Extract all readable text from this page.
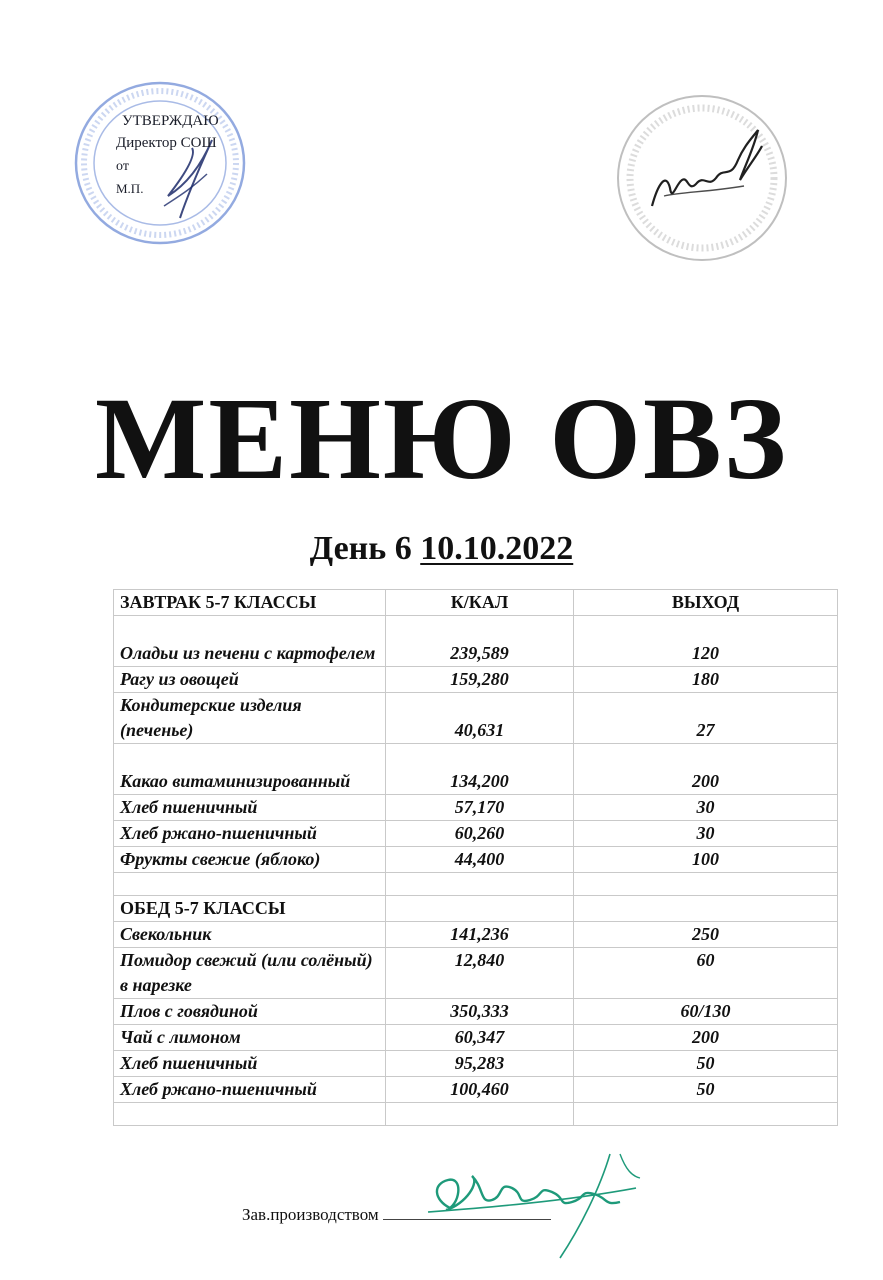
УТВЕРЖДАЮ
Директор СОШ
от
М.П.
МЕНЮ ОВЗ
День 6 10.10.2022
ЗАВТРАК 5-7 КЛАССЫ	К/КАЛ	ВЫХОД
Оладьи из печени с картофелем	239,589	120
Рагу из овощей	159,280	180
Кондитерские изделия (печенье)	40,631	27
Какао витаминизированный	134,200	200
Хлеб пшеничный	57,170	30
Хлеб ржано-пшеничный	60,260	30
Фрукты свежие (яблоко)	44,400	100

ОБЕД 5-7 КЛАССЫ		
Свекольник	141,236	250
Помидор свежий (или солёный) в нарезке	12,840	60
Плов с говядиной	350,333	60/130
Чай с лимоном	60,347	200
Хлеб пшеничный	95,283	50
Хлеб ржано-пшеничный	100,460	50

Зав.производством
